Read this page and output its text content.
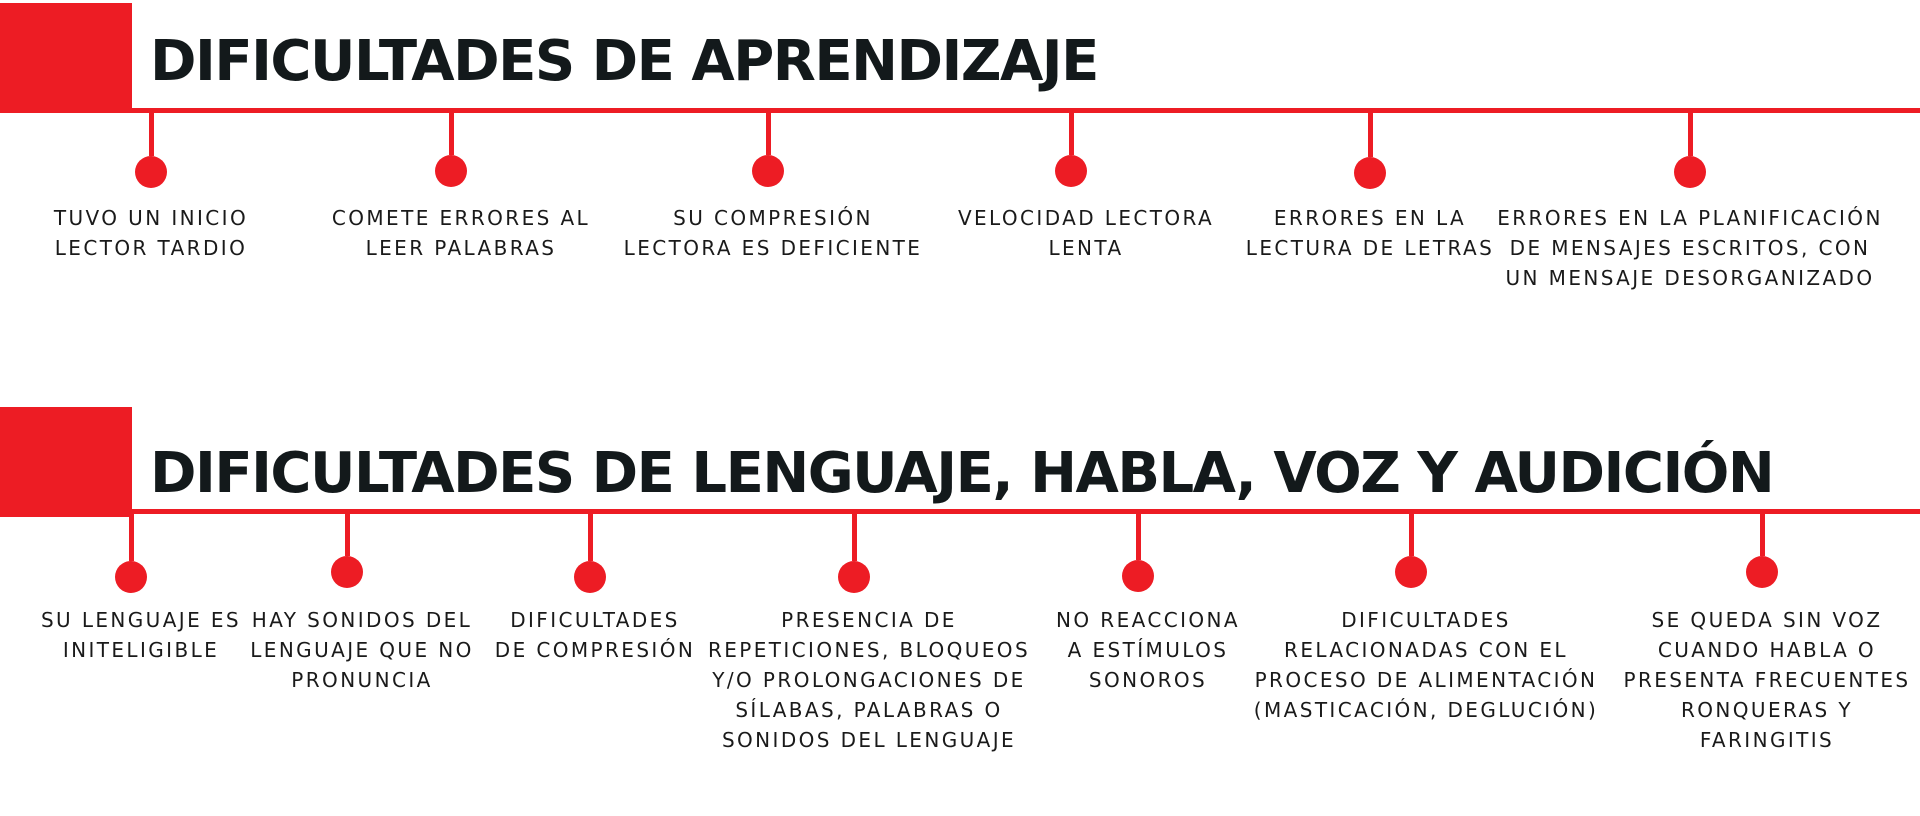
DIFICULTADES DE APRENDIZAJE
TUVO UN INICIO
LECTOR TARDIO
COMETE ERRORES AL
LEER PALABRAS
SU COMPRESIÓN
LECTORA ES DEFICIENTE
VELOCIDAD LECTORA
LENTA
ERRORES EN LA
LECTURA DE LETRAS
ERRORES EN LA PLANIFICACIÓN
DE MENSAJES ESCRITOS, CON
UN MENSAJE DESORGANIZADO
DIFICULTADES DE LENGUAJE, HABLA, VOZ Y AUDICIÓN
SU LENGUAJE ES
INITELIGIBLE
HAY SONIDOS DEL
LENGUAJE QUE NO
PRONUNCIA
DIFICULTADES
DE COMPRESIÓN
PRESENCIA DE
REPETICIONES, BLOQUEOS
Y/O PROLONGACIONES DE
SÍLABAS, PALABRAS O
SONIDOS DEL LENGUAJE
NO REACCIONA
A ESTÍMULOS
SONOROS
DIFICULTADES
RELACIONADAS CON EL
PROCESO DE ALIMENTACIÓN
(MASTICACIÓN, DEGLUCIÓN)
SE QUEDA SIN VOZ
CUANDO HABLA O
PRESENTA FRECUENTES
RONQUERAS Y
FARINGITIS
